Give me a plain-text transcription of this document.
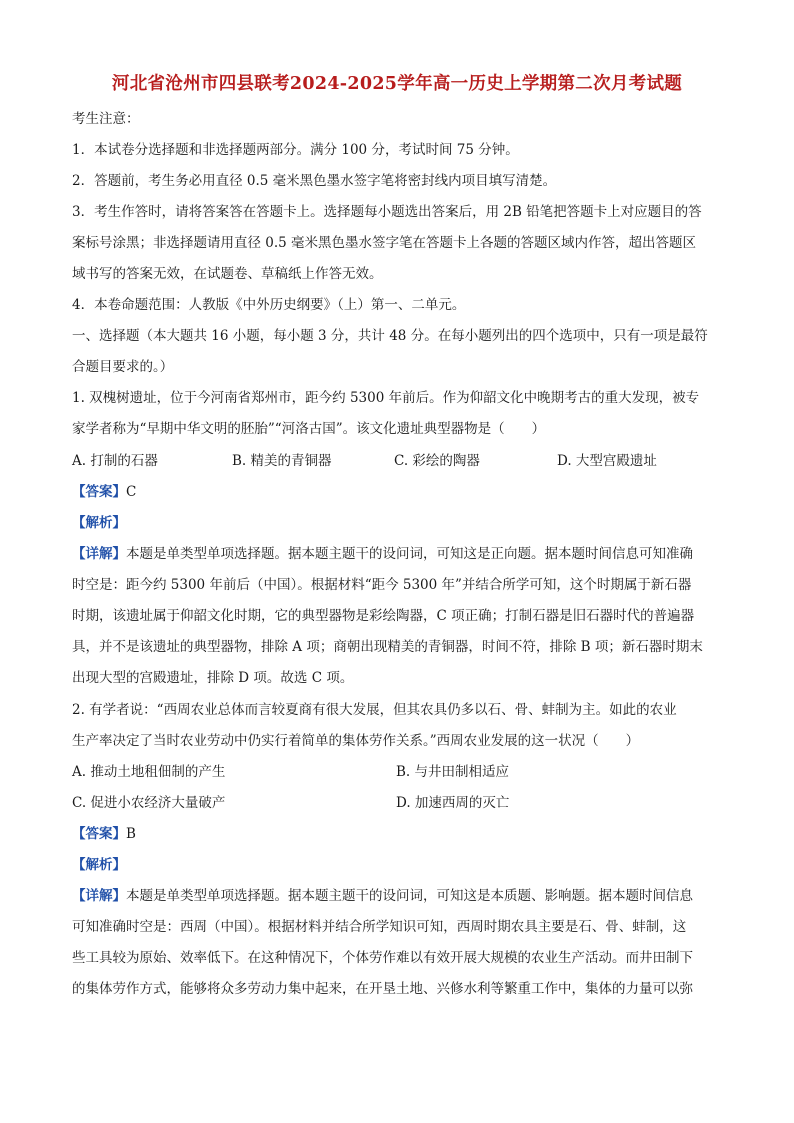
河北省沧州市四县联考2024-2025学年高一历史上学期第二次月考试题
考生注意：
1．本试卷分选择题和非选择题两部分。满分 100 分，考试时间 75 分钟。
2．答题前，考生务必用直径 0.5 毫米黑色墨水签字笔将密封线内项目填写清楚。
3．考生作答时，请将答案答在答题卡上。选择题每小题选出答案后，用 2B 铅笔把答题卡上对应题目的答
案标号涂黑；非选择题请用直径 0.5 毫米黑色墨水签字笔在答题卡上各题的答题区域内作答，超出答题区
域书写的答案无效，在试题卷、草稿纸上作答无效。
4．本卷命题范围：人教版《中外历史纲要》（上）第一、二单元。
一、选择题（本大题共 16 小题，每小题 3 分，共计 48 分。在每小题列出的四个选项中，只有一项是最符
合题目要求的。）
1. 双槐树遗址，位于今河南省郑州市，距今约 5300 年前后。作为仰韶文化中晚期考古的重大发现，被专
家学者称为“早期中华文明的胚胎”“河洛古国”。该文化遗址典型器物是（　　）
A. 打制的石器	B. 精美的青铜器	C. 彩绘的陶器	D. 大型宫殿遗址
【答案】C
【解析】
【详解】本题是单类型单项选择题。据本题主题干的设问词，可知这是正向题。据本题时间信息可知准确
时空是：距今约 5300 年前后（中国）。根据材料“距今 5300 年”并结合所学可知，这个时期属于新石器
时期，该遗址属于仰韶文化时期，它的典型器物是彩绘陶器，C 项正确；打制石器是旧石器时代的普遍器
具，并不是该遗址的典型器物，排除 A 项；商朝出现精美的青铜器，时间不符，排除 B 项；新石器时期末
出现大型的宫殿遗址，排除 D 项。故选 C 项。
2. 有学者说：“西周农业总体而言较夏商有很大发展，但其农具仍多以石、骨、蚌制为主。如此的农业
生产率决定了当时农业劳动中仍实行着简单的集体劳作关系。”西周农业发展的这一状况（　　）
A. 推动土地租佃制的产生	B. 与井田制相适应
C. 促进小农经济大量破产	D. 加速西周的灭亡
【答案】B
【解析】
【详解】本题是单类型单项选择题。据本题主题干的设问词，可知这是本质题、影响题。据本题时间信息
可知准确时空是：西周（中国）。根据材料并结合所学知识可知，西周时期农具主要是石、骨、蚌制，这
些工具较为原始、效率低下。在这种情况下，个体劳作难以有效开展大规模的农业生产活动。而井田制下
的集体劳作方式，能够将众多劳动力集中起来，在开垦土地、兴修水利等繁重工作中，集体的力量可以弥
